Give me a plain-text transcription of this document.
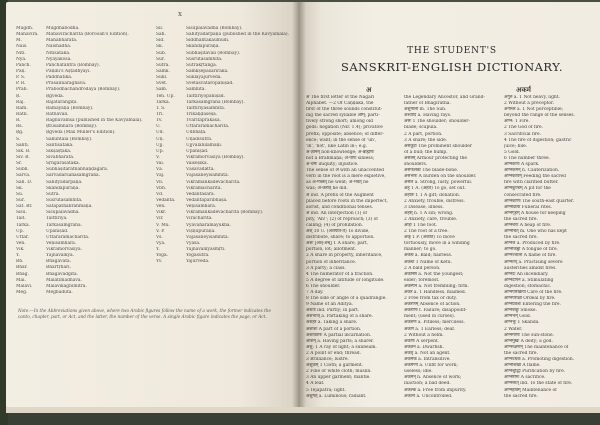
x
Mugdh.	Mugdhabodha.
Mahāvīra.	Mahāvīracharita (Borooah's Edition).
M.	Mahābhārata.
Nais.	Naishadha.
Nīti.	Nītiśataka.
Nyā.	Nyāyakośa.
Pañch.	Pañchatantra (Bombay).
Pāṇ.	Pāṇini's Aṣṭādhyāyī.
P. S.	Paddhatika.
P. R.	Prasannarāghava.
Prab.	Prabodhachandrodaya (Bombay).
Ṛ.	Ṛgveda.
Raj.	Rājatarangiṇī.
Ram.	Rāmāyaṇa (Bombay).
Ratn.	Ratnāvalī.
R.	Raghuvaṁśa (published in the Kāvyamālā).
Rs.	Ṛtusaṁhāra (Bombay).
Ṛg.	Ṛgveda (Max Muller's Edition).
Ś.	Śakuntalā (Bombay).
Śānti.	Śāntiśataka.
Śik. B.	Śikṣāṣṭaka.
Śiv. B.	Śivabhārata.
Śr.	Śṛṅgāraśataka.
Subh.	Subhāṣitaratnabhāṇḍāgāra.
Sarva.	Sarvadarśanasaṁgraha.
Sāh. D.	Sāhityadarpaṇa.
Sk.	Skandapurāṇa.
Sū.	Sūtra.
Sur.	Suśrutasaṁhitā.
Śat. Br.	Śatapathabrāhmaṇa.
Śiśu.	Śiśupālavadha.
Tait.	Taittirīya.
Tarka.	Tarkasaṁgraha.
Up.	Upaniṣad.
Uttar.	Uttararāmacharita.
Ven.	Veṇīsaṁhāra.
Vik.	Vikramorvaśīya.
Y.	Yājñavalkya.
Bh.	Bhāgavata.
Bhar.	Bhartṛhari.
Bhag.	Bhagavadgītā.
Mal.	Mālatīmādhava.
Mālavi.	Mālavikāgnimitra.
Meg.	Meghadūta.
Śil.	Śiśupālavadha (Bombay).
Sāh.	Sāhityadarpaṇa (published in the Kāvyamālā).
Sid.	Siddhāntakaumudī.
Sk.	Skandapurāṇa.
Sub.	Subhāṣitāvali (Bombay).
Sur.	Suśrutasaṁhitā.
Sūtra.	Sūtrakṛtāṅga.
Saṁk.	Saṁkṣepaśārīraka.
Śukl.	Śuklayajurveda.
Śvet.	Śvetāśvataropaniṣad.
Sam.	Saṁhitā.
Ten. Up.	Taittirīyopaniṣad.
Tarka.	Tarkasaṁgraha (Bombay).
T. S.	Taittirīyasaṁhitā.
Tri.	Trikāṇḍaśeṣa.
Tv.	Tvaritaprakāśa.
U.	Uttararāmacharita.
Ud.	Udbhaṭa.
Uṇ.	Uṇādisūtra.
Ujj.	Ujjvalanīlamaṇi.
Up.	Upaniṣad.
V.	Vikramorvaśīya (Bombay).
Vai.	Vaiśeṣika.
Vā.	Vāsavadattā.
Vāj.	Vājasaneyisaṁhitā.
Vb.	Vikramāṅkadevacharita.
Vbh.	Vikramacharita.
Vd.	Vedāntasāra.
Vedānta.	Vedāntaparibhāṣā.
Ven.	Veṇīsaṁhāra.
Vikr.	Vikramāṅkadevacharita (Bombay).
Vir.	Vīracharita.
V. Mu.	Vyavahāramayūkha.
V. P.	Viṣṇupurāṇa.
Vs.	Vājasaneyisaṁhitā.
Vyā.	Vyāsa.
Y.	Yājñavalkyasmṛti.
Yoga.	Yogasūtra.
Yv.	Yajurveda.
Note.—In the Abbreviations given above, where two Arabic figures follow the name of a work, the former indicates the canto, chapter, part, or Act, and the latter, the number of the verse. A single Arabic figure indicates the page, or Act.
THE STUDENT'S
SANSKRIT-ENGLISH DICTIONARY.
अ	अकर्म
अ The first letter of the Nāgarī
Alphabet. —2 Of Cāṇḍaka, the
first of the three sounds constitut-
ing the sacred syllable ओम्; parti-
tively strong short; among old
gods: negation (Nir. 1.4); privative
prefix; opposite; absence; of differ-
ence; want; in the sense of 'un',
'in', 'not', like Latin in-; e.g.
अ-ज्ञानम् non-knowledge; अ-ब्राह्मणः
not a Brāhmaṇa; अ-पापः sinless;
अ-धर्मः iniquity; injustice.
The sense of अ with an unaccented
verb in the root is a mere expletive,
as अ-गच्छत् he went; अ-भवत् he
was; अ-करोत् he did.
अ ind. A prefix of the Augment
placed before roots in the imperfect,
aorist, and conditional tenses.
अ ind. An interjection (1) of
pity, 'Ah!'; (2) of reproach; (3) of
calling; (4) of prohibition.
अंश् 10 U. (अंशयति-ते) To divide,
distribute, share; to apportion.
अंशः [अंश्-अच्] 1 A share, part,
portion, lot; allotment.
2 A share in property, inheritance,
portion of inheritance.
3 A party; a class.
4 The numerator of a fraction.
5 A degree of latitude or longitude.
6 The shoulder.
7 A day.
8 The side or angle of a quadrangle.
9 Name of an Āditya.
अंशतः ind. Partly; in part.
अंशभाज् a. Partaking of a share.
अंशहर a. Taking a share.
अंशांशः A part of a portion.
अंशावतारः A partial incarnation.
अंशिन् a. Having parts; a sharer.
अंशु: 1 A ray of light; a sunbeam.
2 A point or end; thread.
3 Brilliance; lustre.
अंशुकम् 1 Cloth; a garment.
2 Fine or white cloth; muslin.
3 An upper garment; mantle.
4 A leaf.
5 Tejapatra; light.
अंशुमत् a. Luminous; radiant.
the Legendary Ancestor, and Grand-
father of Bhagīratha.
अंशुमाली m. The Sun.
अंश्वादि a. Having rays.
अंसः 1 The shoulder; shoulder-
blade; scapula.
2 A part, portion.
3 A share; the side.
अंसकूटः The prominent shoulder
of a bull; the hump.
अंसत्रम् Armour protecting the
shoulders.
अंसफलकः The blade-bone.
अंसभारः A burden on the shoulder.
अंसल a. Strong, lusty, powerful.
अंह् 1 Ā. (अंहते) To go, set out.
अंहतिः f. 1 A gift; donation.
2 Anxiety, trouble, distress.
3 Disease, illness.
अंहस् n. 1 A sin; wrong.
2 Anxiety, care, trouble.
अंहिः 1 The foot.
2 The root of a tree.
अक् 1 P. (अकति) To move
tortuously, move in a winding
manner; to go.
अकच a. Bald; hairless.
अकचः 1 Name of Ketu.
2 A bald person.
अकनिष्ठ a. Not the youngest;
elder; foremost.
अकम्पन a. Not trembling; firm.
अकर a. 1 Handless, maimed.
2 Free from tax or duty.
अकरणम् Absence of action.
अकरणिः f. Failure; disappoint-
ment; (used in curses).
अकरुण a. Pitiless; merciless.
अकर्ण a. 1 Earless; deaf.
2 Without a helm.
अकर्णः A serpent.
अकर्तन a. Dwarfish.
अकर्तृ a. Not an agent.
अकर्मक a. Intransitive.
अकर्मण्य a. Unfit for work;
useless; idle.
अकर्मन् n. Absence of work;
inaction; a bad deed.
अकल्क a. Free from impurity.
अकल्प a. Uncontrolled.
अगुरु a. 1 Not heavy, light.
2 Without a preceptor.
अगोचर a. 1 Not perceptible;
beyond the range of the senses.
अग्नि: 1 Fire.
2 The God of fire.
3 Sacrificial fire.
4 The fire of digestion; gastric
juice; bile.
5 Gold.
6 The number three.
अग्निकणः A spark.
अग्निकर्मन् n. Cauterization.
अग्निकार्यम् Feeding the sacred
fire with clarified butter.
अग्निकुण्डम् A pit for the
consecrated fire.
अग्निकोणः The south-east quarter.
अग्निक्रिया Funeral rites.
अग्निगृहम् A house for keeping
the sacred fire.
अग्निचयः A heap of fire.
अग्निचित् m. One who has kept
the sacred fire.
अग्निज a. Produced by fire.
अग्निजिह्वा A tongue of fire.
अग्निज्वाला A flame of fire.
अग्नितप् a. Practising severe
austerities amidst fires.
अग्निदः An incendiary.
अग्निदीपन a. Stimulating
digestion; stomachic.
अग्निपरिक्रिया Care of the fire.
अग्निपरीक्षा Ordeal by fire.
अग्निप्रवेशः Entering the fire.
अग्निबाहुः Smoke.
अग्निभम् Gold.
अग्निभुः 1 Skanda.
2 Water.
अग्निमणिः The sun-stone.
अग्निमुखः A deity; a god.
अग्निरक्षणम् The maintenance of
the sacred fire.
अग्निवर्धक a. Promoting digestion.
अग्निशिखा A flame.
अग्निशुद्धिः Purification by fire.
अग्निष्टोमः A sacrifice.
अग्निसात् ind. To the state of fire.
अग्निहोत्रम् Maintenance of
the sacred fire.
